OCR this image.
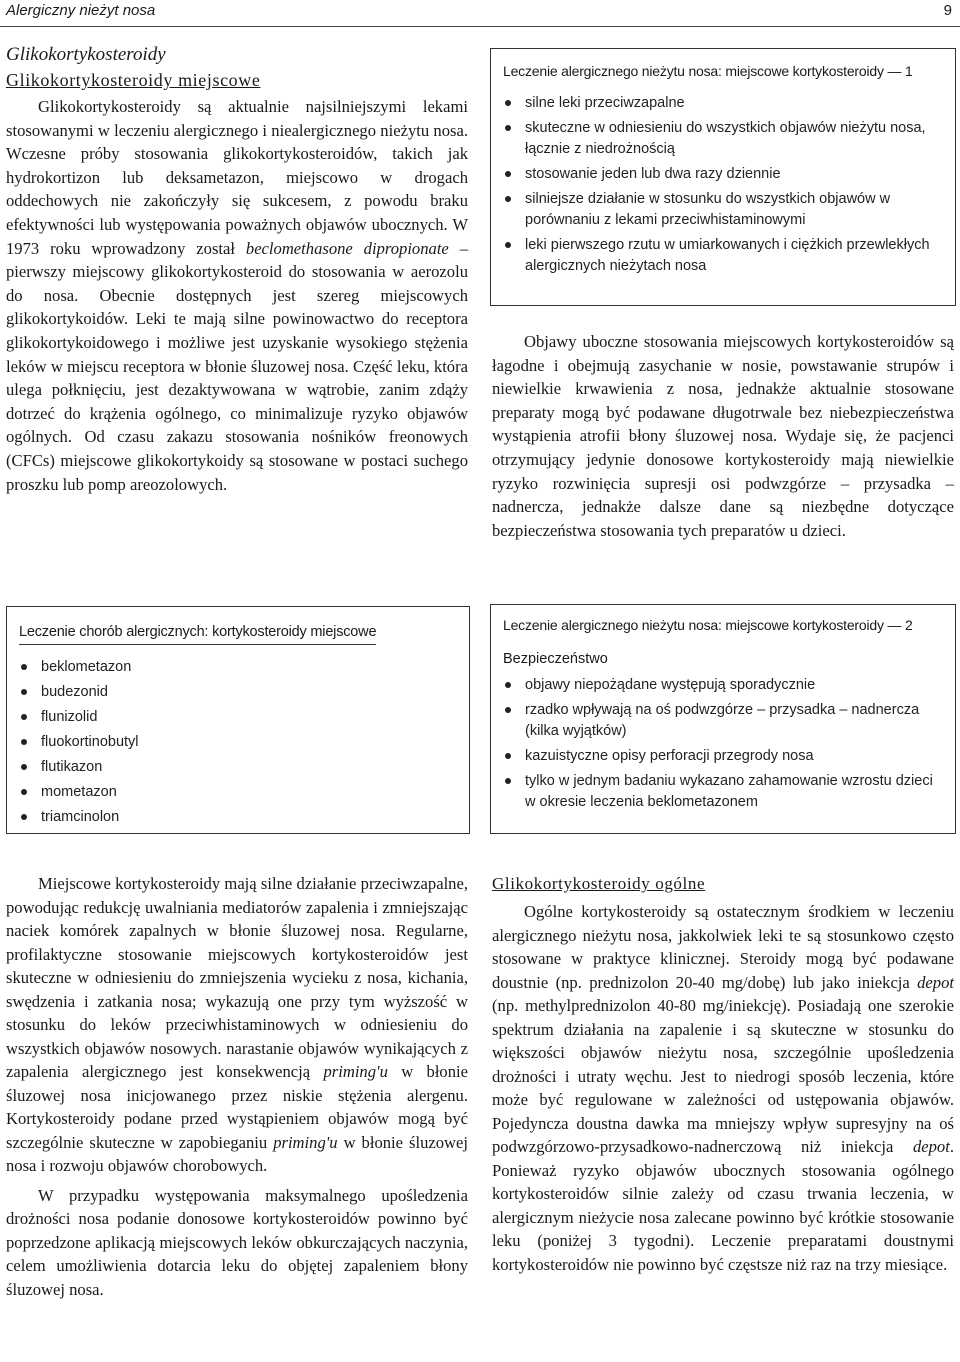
Alergiczny nieżyt nosa	9
Glikokortykosteroidy
Glikokortykosteroidy miejscowe

Glikokortykosteroidy są aktualnie najsilniejszymi lekami stosowanymi w leczeniu alergicznego i niealergicznego nieżytu nosa. Wczesne próby stosowania glikokortykosteroidów, takich jak hydrokortizon lub deksametazon, miejscowo w drogach oddechowych nie zakończyły się sukcesem, z powodu braku efektywności lub występowania poważnych objawów ubocznych. W 1973 roku wprowadzony został beclomethasone dipropionate – pierwszy miejscowy glikokortykosteroid do stosowania w aerozolu do nosa. Obecnie dostępnych jest szereg miejscowych glikokortykoidów. Leki te mają silne powinowactwo do receptora glikokortykoidowego i możliwe jest uzyskanie wysokiego stężenia leków w miejscu receptora w błonie śluzowej nosa. Część leku, która ulega połknięciu, jest dezaktywowana w wątrobie, zanim zdąży dotrzeć do krążenia ogólnego, co minimalizuje ryzyko objawów ogólnych. Od czasu zakazu stosowania nośników freonowych (CFCs) miejscowe glikokortykoidy są stosowane w postaci suchego proszku lub pomp areozolowych.

Leczenie alergicznego nieżytu nosa: miejscowe kortykosteroidy — 1
silne leki przeciwzapalne
skuteczne w odniesieniu do wszystkich objawów nieżytu nosa, łącznie z niedrożnością
stosowanie jeden lub dwa razy dziennie
silniejsze działanie w stosunku do wszystkich objawów w porównaniu z lekami przeciwhistaminowymi
leki pierwszego rzutu w umiarkowanych i ciężkich przewlekłych alergicznych nieżytach nosa

Objawy uboczne stosowania miejscowych kortykosteroidów są łagodne i obejmują zasychanie w nosie, powstawanie strupów i niewielkie krwawienia z nosa, jednakże aktualnie stosowane preparaty mogą być podawane długotrwale bez niebezpieczeństwa wystąpienia atrofii błony śluzowej nosa. Wydaje się, że pacjenci otrzymujący jedynie donosowe kortykosteroidy mają niewielkie ryzyko rozwinięcia supresji osi podwzgórze – przysadka – nadnercza, jednakże dalsze dane są niezbędne dotyczące bezpieczeństwa stosowania tych preparatów u dzieci.

Leczenie chorób alergicznych: kortykosteroidy miejscowe
beklometazon
budezonid
flunizolid
fluokortinobutyl
flutikazon
mometazon
triamcinolon
Leczenie alergicznego nieżytu nosa: miejscowe kortykosteroidy — 2
Bezpieczeństwo
objawy niepożądane występują sporadycznie
rzadko wpływają na oś podwzgórze – przysadka – nadnercza (kilka wyjątków)
kazuistyczne opisy perforacji przegrody nosa
tylko w jednym badaniu wykazano zahamowanie wzrostu dzieci w okresie leczenia beklometazonem

Miejscowe kortykosteroidy mają silne działanie przeciwzapalne, powodując redukcję uwalniania mediatorów zapalenia i zmniejszając naciek komórek zapalnych w błonie śluzowej nosa. Regularne, profilaktyczne stosowanie miejscowych kortykosteroidów jest skuteczne w odniesieniu do zmniejszenia wycieku z nosa, kichania, swędzenia i zatkania nosa; wykazują one przy tym wyższość w stosunku do leków przeciwhistaminowych w odniesieniu do wszystkich objawów nosowych. narastanie objawów wynikających z zapalenia alergicznego jest konsekwencją priming'u w błonie śluzowej nosa inicjowanego przez niskie stężenia alergenu. Kortykosteroidy podane przed wystąpieniem objawów mogą być szczególnie skuteczne w zapobieganiu priming'u w błonie śluzowej nosa i rozwoju objawów chorobowych.

W przypadku występowania maksymalnego upośledzenia drożności nosa podanie donosowe kortykosteroidów powinno być poprzedzone aplikacją miejscowych leków obkurczających naczynia, celem umożliwienia dotarcia leku do objętej zapaleniem błony śluzowej nosa.

Glikokortykosteroidy ogólne

Ogólne kortykosteroidy są ostatecznym środkiem w leczeniu alergicznego nieżytu nosa, jakkolwiek leki te są stosunkowo często stosowane w praktyce klinicznej. Steroidy mogą być podawane doustnie (np. prednizolon 20-40 mg/dobę) lub jako iniekcja depot (np. methylprednizolon 40-80 mg/iniekcję). Posiadają one szerokie spektrum działania na zapalenie i są skuteczne w stosunku do większości objawów nieżytu nosa, szczególnie upośledzenia drożności i utraty węchu. Jest to niedrogi sposób leczenia, które może być regulowane w zależności od ustępowania objawów. Pojedyncza doustna dawka ma mniejszy wpływ supresyjny na oś podwzgórzowo-przysadkowo-nadnerczową niż iniekcja depot. Ponieważ ryzyko objawów ubocznych stosowania ogólnego kortykosteroidów silnie zależy od czasu trwania leczenia, w alergicznym nieżycie nosa zalecane powinno być krótkie stosowanie leku (poniżej 3 tygodni). Leczenie preparatami doustnymi kortykosteroidów nie powinno być częstsze niż raz na trzy miesiące.
